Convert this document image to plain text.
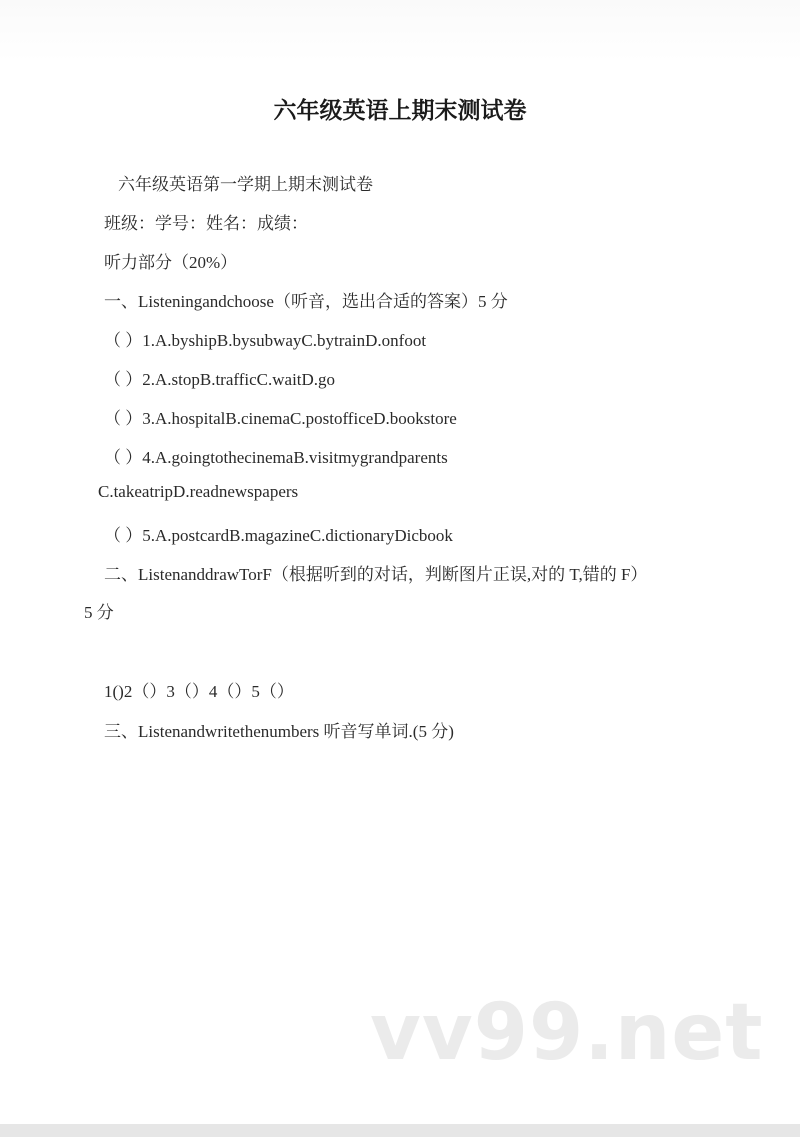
六年级英语上期末测试卷
六年级英语第一学期上期末测试卷
班级：学号：姓名：成绩：
听力部分（20%）
一、Listeningandchoose（听音，选出合适的答案）5 分
（ ）1.A.byshipB.bysubwayC.bytrainD.onfoot
（ ）2.A.stopB.trafficC.waitD.go
（ ）3.A.hospitalB.cinemaC.postofficeD.bookstore
（ ）4.A.goingtothecinemaB.visitmygrandparents
C.takeatripD.readnewspapers
（ ）5.A.postcardB.magazineC.dictionaryDicbook
二、ListenanddrawTorF（根据听到的对话，判断图片正误,对的 T,错的 F）
5 分
1()2（）3（）4（）5（）
三、Listenandwritethenumbers 听音写单词.(5 分)
vv99.net
